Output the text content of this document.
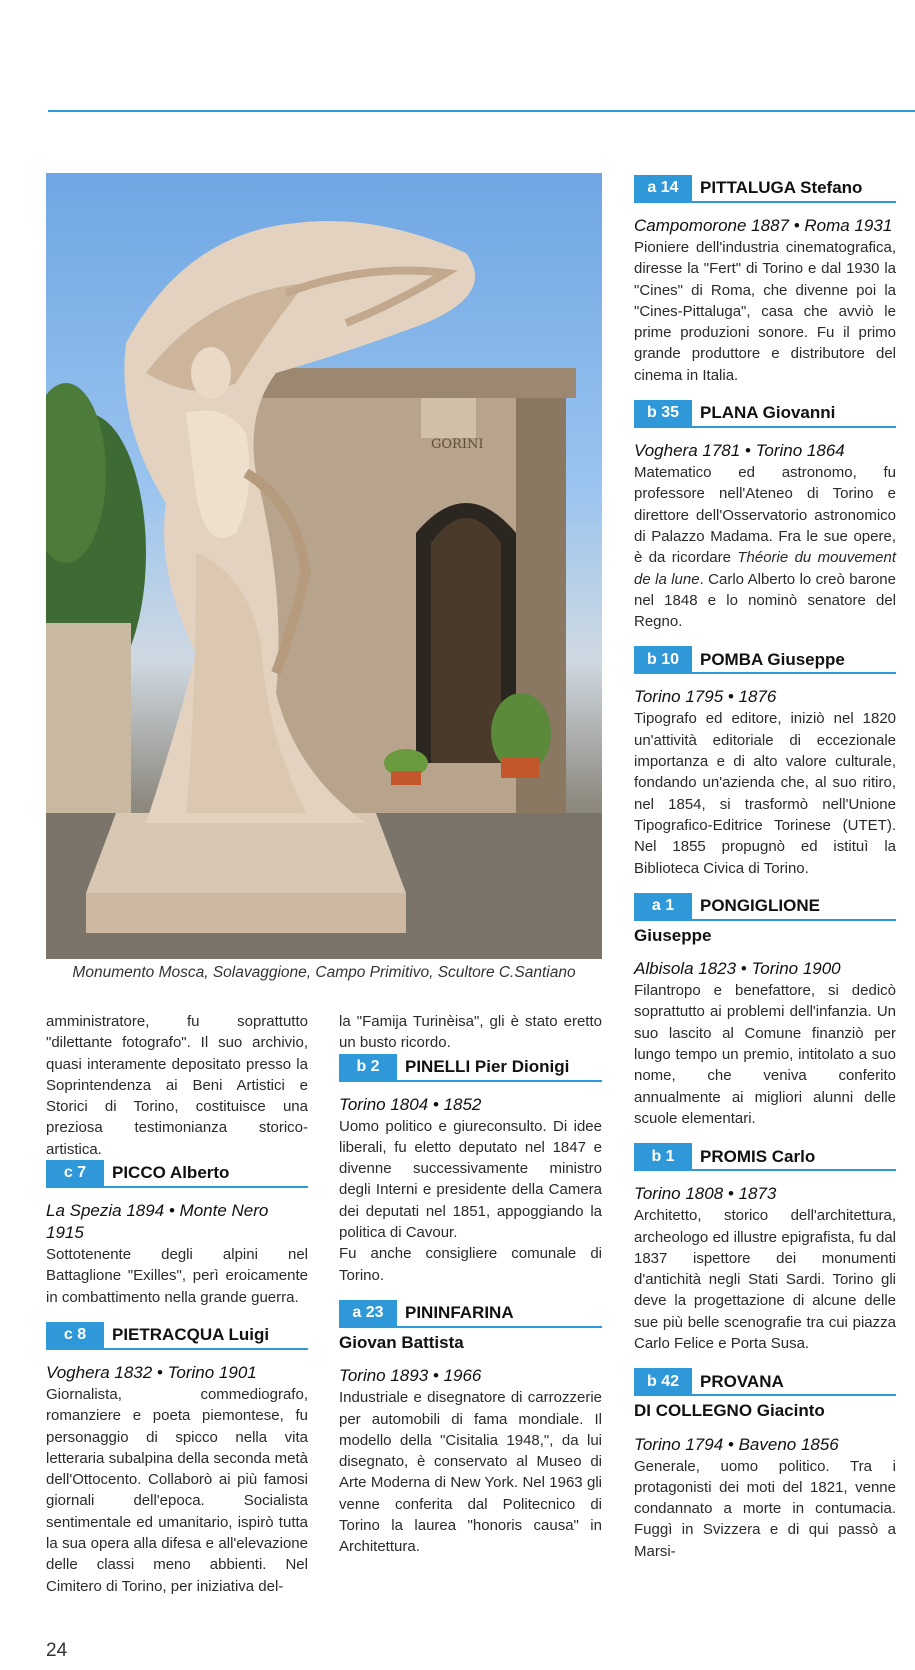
GORINI
Monumento Mosca, Solavaggione, Campo Primitivo, Scultore C.Santiano

amministratore, fu soprattutto "dilettante fotografo". Il suo archivio, quasi interamente depositato presso la Soprintendenza ai Beni Artistici e Storici di Torino, costituisce una preziosa testimonianza storico-artistica.

c 7	PICCO Alberto
La Spezia 1894 • Monte Nero 1915

Sottotenente degli alpini nel Battaglione "Exilles", perì eroicamente in combattimento nella grande guerra.

c 8	PIETRACQUA Luigi
Voghera 1832 • Torino 1901

Giornalista, commediografo, romanziere e poeta piemontese, fu personaggio di spicco nella vita letteraria subalpina della seconda metà dell'Ottocento. Collaborò ai più famosi giornali dell'epoca. Socialista sentimentale ed umanitario, ispirò tutta la sua opera alla difesa e all'elevazione delle classi meno abbienti. Nel Cimitero di Torino, per iniziativa del-

la "Famija Turinèisa", gli è stato eretto un busto ricordo.

b 2	PINELLI Pier Dionigi
Torino 1804 • 1852

Uomo politico e giureconsulto. Di idee liberali, fu eletto deputato nel 1847 e divenne successivamente ministro degli Interni e presidente della Camera dei deputati nel 1851, appoggiando la politica di Cavour.

Fu anche consigliere comunale di Torino.

a 23	PININFARINA
Giovan Battista
Torino 1893 • 1966

Industriale e disegnatore di carrozzerie per automobili di fama mondiale. Il modello della "Cisitalia 1948,", da lui disegnato, è conservato al Museo di Arte Moderna di New York. Nel 1963 gli venne conferita dal Politecnico di Torino la laurea "honoris causa" in Architettura.

a 14	PITTALUGA Stefano
Campomorone 1887 • Roma 1931

Pioniere dell'industria cinematografica, diresse la "Fert" di Torino e dal 1930 la "Cines" di Roma, che divenne poi la "Cines-Pittaluga", casa che avviò le prime produzioni sonore. Fu il primo grande produttore e distributore del cinema in Italia.

b 35	PLANA Giovanni
Voghera 1781 • Torino 1864

Matematico ed astronomo, fu professore nell'Ateneo di Torino e direttore dell'Osservatorio astronomico di Palazzo Madama. Fra le sue opere, è da ricordare Théorie du mouvement de la lune. Carlo Alberto lo creò barone nel 1848 e lo nominò senatore del Regno.

b 10	POMBA Giuseppe
Torino 1795 • 1876

Tipografo ed editore, iniziò nel 1820 un'attività editoriale di eccezionale importanza e di alto valore culturale, fondando un'azienda che, al suo ritiro, nel 1854, si trasformò nell'Unione Tipografico-Editrice Torinese (UTET). Nel 1855 propugnò ed istituì la Biblioteca Civica di Torino.

a 1	PONGIGLIONE
Giuseppe
Albisola 1823 • Torino 1900

Filantropo e benefattore, si dedicò soprattutto ai problemi dell'infanzia. Un suo lascito al Comune finanziò per lungo tempo un premio, intitolato a suo nome, che veniva conferito annualmente ai migliori alunni delle scuole elementari.

b 1	PROMIS Carlo
Torino 1808 • 1873

Architetto, storico dell'architettura, archeologo ed illustre epigrafista, fu dal 1837 ispettore dei monumenti d'antichità negli Stati Sardi. Torino gli deve la progettazione di alcune delle sue più belle scenografie tra cui piazza Carlo Felice e Porta Susa.

b 42	PROVANA
DI COLLEGNO Giacinto
Torino 1794 • Baveno 1856

Generale, uomo politico. Tra i protagonisti dei moti del 1821, venne condannato a morte in contumacia. Fuggì in Svizzera e di qui passò a Marsi-

24
